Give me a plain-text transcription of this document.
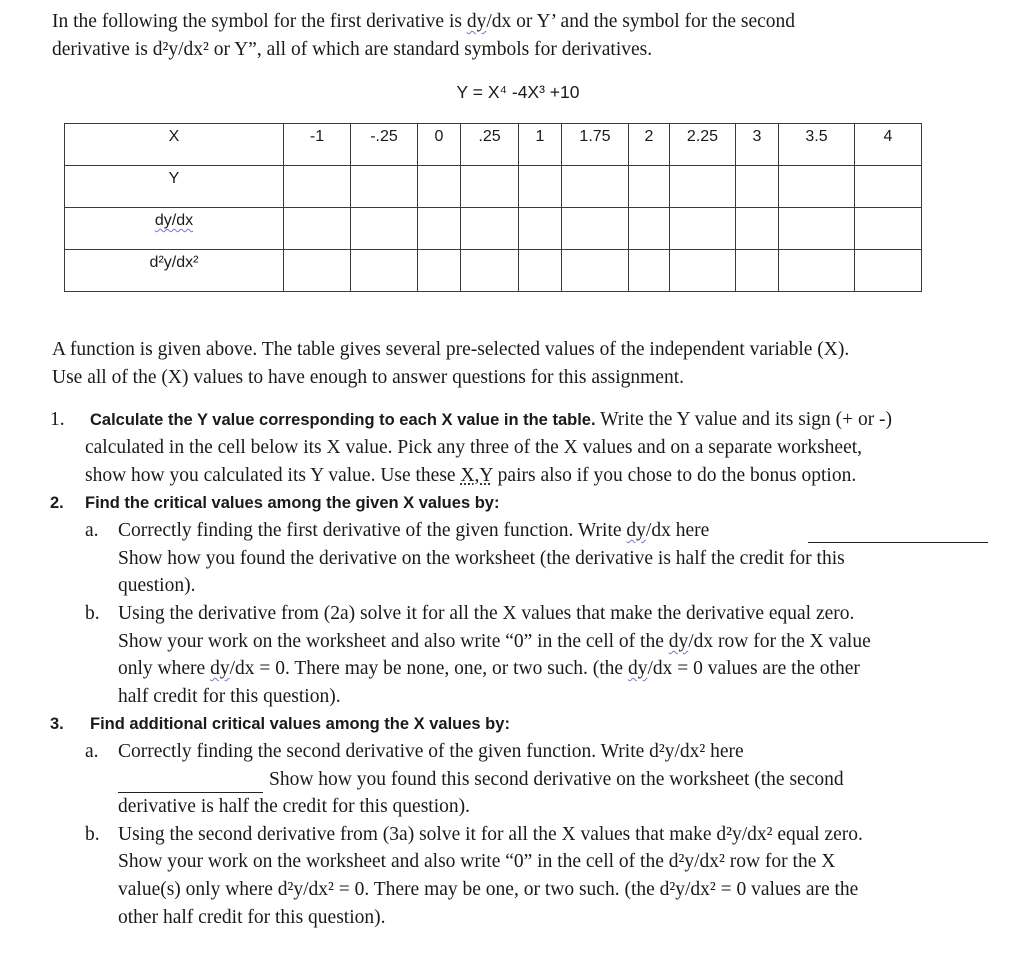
In the following the symbol for the first derivative is dy/dx or Y’ and the symbol for the second
derivative is d²y/dx² or Y”, all of which are standard symbols for derivatives.
Y = X⁴ -4X³ +10
X	-1	-.25	0	.25	1	1.75	2	2.25	3	3.5	4
Y											
dy/dx											
d²y/dx²											
A function is given above. The table gives several pre-selected values of the independent variable (X).
Use all of the (X) values to have enough to answer questions for this assignment.
1. Calculate the Y value corresponding to each X value in the table. Write the Y value and its sign (+ or -)
calculated in the cell below its X value. Pick any three of the X values and on a separate worksheet,
show how you calculated its Y value. Use these X,Y pairs also if you chose to do the bonus option.
2. Find the critical values among the given X values by:
a. Correctly finding the first derivative of the given function. Write dy/dx here
Show how you found the derivative on the worksheet (the derivative is half the credit for this
question).
b. Using the derivative from (2a) solve it for all the X values that make the derivative equal zero.
Show your work on the worksheet and also write “0” in the cell of the dy/dx row for the X value
only where dy/dx = 0. There may be none, one, or two such. (the dy/dx = 0 values are the other
half credit for this question).
3. Find additional critical values among the X values by:
a. Correctly finding the second derivative of the given function. Write d²y/dx² here
Show how you found this second derivative on the worksheet (the second
derivative is half the credit for this question).
b. Using the second derivative from (3a) solve it for all the X values that make d²y/dx² equal zero.
Show your work on the worksheet and also write “0” in the cell of the d²y/dx² row for the X
value(s) only where d²y/dx² = 0. There may be one, or two such. (the d²y/dx² = 0 values are the
other half credit for this question).
